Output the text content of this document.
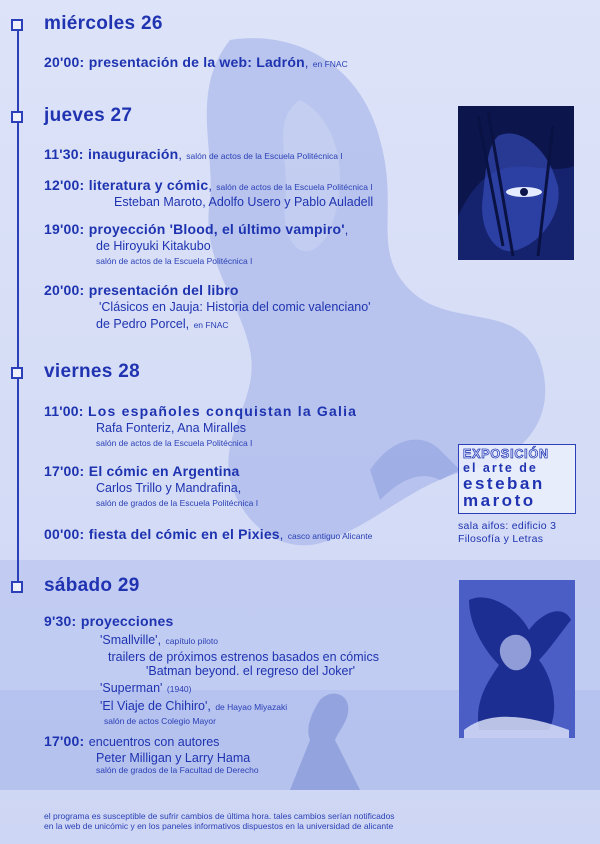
miércoles 26
jueves 27
viernes 28
sábado 29
20'00: presentación de la web: Ladrón, en FNAC
11'30: inauguración, salón de actos de la Escuela Politécnica I
12'00: literatura y cómic, salón de actos de la Escuela Politécnica I
Esteban Maroto, Adolfo Usero y Pablo Auladell
19'00: proyección 'Blood, el último vampiro',
de Hiroyuki Kitakubo
salón de actos de la Escuela Politécnica I
20'00: presentación del libro
'Clásicos en Jauja: Historia del comic valenciano'
de Pedro Porcel, en FNAC
11'00: Los españoles conquistan la Galia
Rafa Fonteriz, Ana Miralles
salón de actos de la Escuela Politécnica I
17'00: El cómic en Argentina
Carlos Trillo y Mandrafina,
salón de grados de la Escuela Politécnica I
00'00: fiesta del cómic en el Pixies, casco antiguo Alicante
9'30: proyecciones
'Smallville', capítulo piloto
trailers de próximos estrenos basados en cómics
'Batman beyond. el regreso del Joker'
'Superman' (1940)
'El Viaje de Chihiro', de Hayao Miyazaki
salón de actos Colegio Mayor
17'00: encuentros con autores
Peter Milligan y Larry Hama
salón de grados de la Facultad de Derecho
EXPOSICIÓN
el arte de
esteban
maroto
sala aifos: edificio 3
Filosofía y Letras
el programa es susceptible de sufrir cambios de última hora. tales cambios serían notificados
en la web de unicómic y en los paneles informativos dispuestos en la universidad de alicante
